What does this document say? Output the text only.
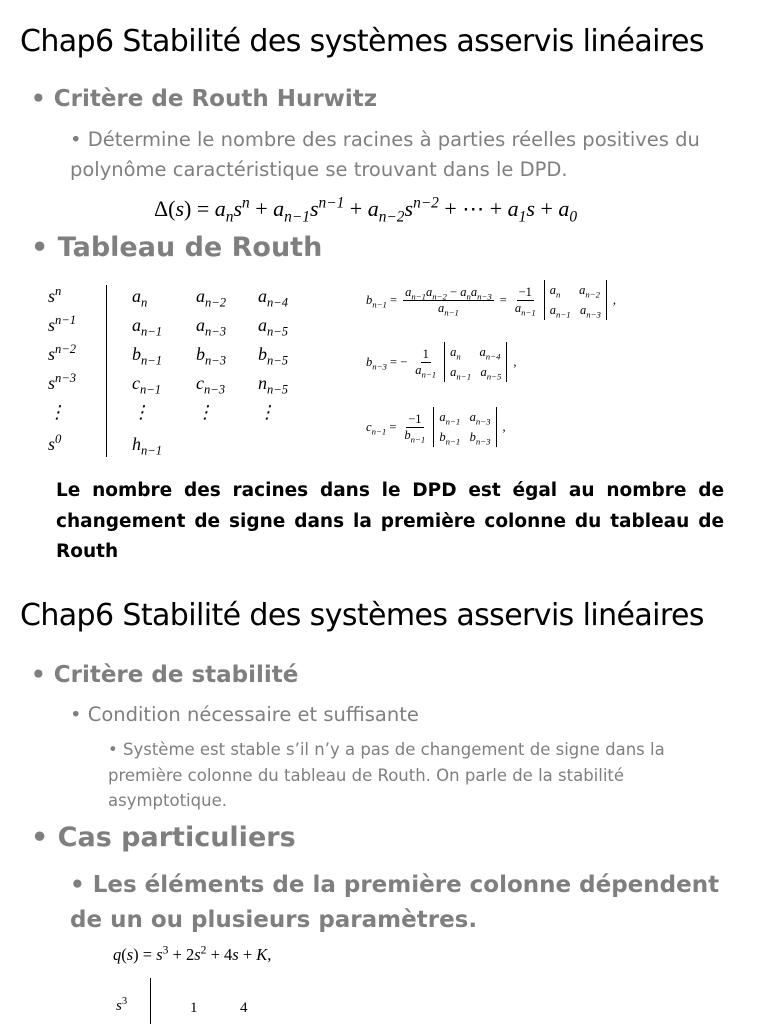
Chap6 Stabilité des systèmes asservis linéaires
• Critère de Routh Hurwitz
• Détermine le nombre des racines à parties réelles positives du polynôme caractéristique se trouvant dans le DPD.
$\Delta(s) = a_ns^n + a_{n-1}s^{n-1} + a_{n-2}s^{n-2}$ + ⋯ + $a_1s + a_0$
• Tableau de Routh
$s^n$	$a_n$	$a_{n-2}$ $a_{n-4}$
$s^{n-1}$	$a_{n-1}$ $a_{n-3}$ $a_{n-5}$
$s^{n-2}$	$b_{n-1}$ $b_{n-3}$ $b_{n-5}$
$s^{n-3}$	$c_{n-1}$ $c_{n-3}$ $n_{n-5}$
⋮	⋮	⋮ ⋮
$s^0$	$h_{n-1}$
$b_{n-1} = \frac{a_{n-1}a_{n-2} - a_na_{n-3}}{a_{n-1}} = \frac{-1}{a_{n-1}} a_n$      $a_{n-2}$
$a_{n-1}$   $a_{n-3}$
,
$b_{n-3}$ = − $\frac{1}{a_{n-1}} a_n$      $a_{n-4}$
$a_{n-1}$   $a_{n-5}$
,
$c_{n-1} = \frac{-1}{b_{n-1}} a_{n-1}$   $a_{n-3}$
$b_{n-1}$   $b_{n-3}$
,
Le nombre des racines dans le DPD est égal au nombre de changement de signe dans la première colonne du tableau de Routh
Chap6 Stabilité des systèmes asservis linéaires
• Critère de stabilité
• Condition nécessaire et suffisante
• Système est stable s’il n’y a pas de changement de signe dans la première colonne du tableau de Routh. On parle de la stabilité asymptotique.
• Cas particuliers
• Les éléments de la première colonne dépendent de un ou plusieurs paramètres.
$q(s) = s^3 + 2s^2 + 4s + K$,
$s^3$	1	4
